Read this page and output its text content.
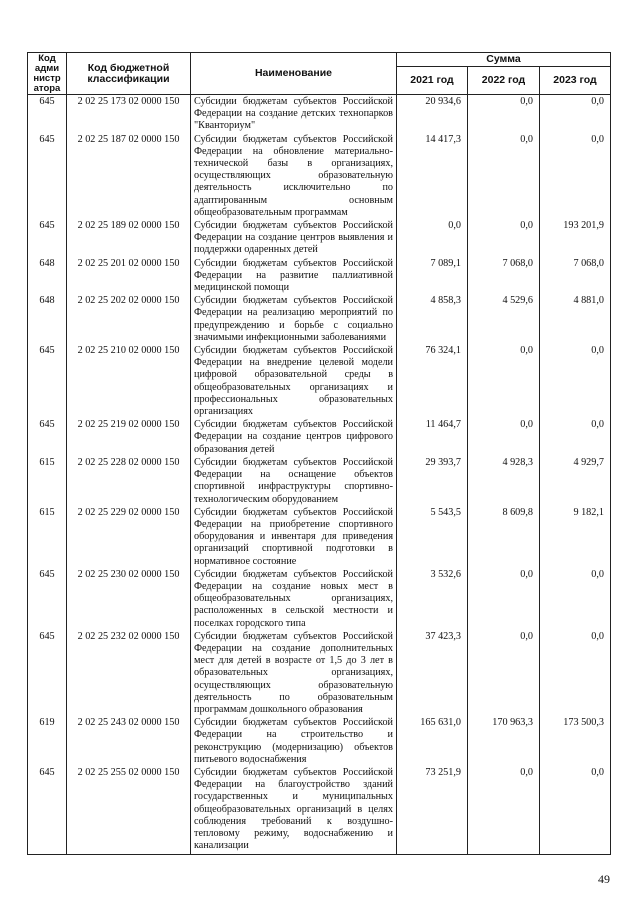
Код адми нистр атора	Код бюджетной классификации	Наименование	Сумма		
			2021 год	2022 год	2023 год
645	2 02 25 173 02 0000 150	Субсидии бюджетам субъектов Российской Федерации на создание детских технопарков "Кванториум"	20 934,6	0,0	0,0
645	2 02 25 187 02 0000 150	Субсидии бюджетам субъектов Российской Федерации на обновление материально-технической базы в организациях, осуществляющих образовательную деятельность исключительно по адаптированным основным общеобразовательным программам	14 417,3	0,0	0,0
645	2 02 25 189 02 0000 150	Субсидии бюджетам субъектов Российской Федерации на создание центров выявления и поддержки одаренных детей	0,0	0,0	193 201,9
648	2 02 25 201 02 0000 150	Субсидии бюджетам субъектов Российской Федерации на развитие паллиативной медицинской помощи	7 089,1	7 068,0	7 068,0
648	2 02 25 202 02 0000 150	Субсидии бюджетам субъектов Российской Федерации на реализацию мероприятий по предупреждению и борьбе с социально значимыми инфекционными заболеваниями	4 858,3	4 529,6	4 881,0
645	2 02 25 210 02 0000 150	Субсидии бюджетам субъектов Российской Федерации на внедрение целевой модели цифровой образовательной среды в общеобразовательных организациях и профессиональных образовательных организациях	76 324,1	0,0	0,0
645	2 02 25 219 02 0000 150	Субсидии бюджетам субъектов Российской Федерации на создание центров цифрового образования детей	11 464,7	0,0	0,0
615	2 02 25 228 02 0000 150	Субсидии бюджетам субъектов Российской Федерации на оснащение объектов спортивной инфраструктуры спортивно-технологическим оборудованием	29 393,7	4 928,3	4 929,7
615	2 02 25 229 02 0000 150	Субсидии бюджетам субъектов Российской Федерации на приобретение спортивного оборудования и инвентаря для приведения организаций спортивной подготовки в нормативное состояние	5 543,5	8 609,8	9 182,1
645	2 02 25 230 02 0000 150	Субсидии бюджетам субъектов Российской Федерации на создание новых мест в общеобразовательных организациях, расположенных в сельской местности и поселках городского типа	3 532,6	0,0	0,0
645	2 02 25 232 02 0000 150	Субсидии бюджетам субъектов Российской Федерации на создание дополнительных мест для детей в возрасте от 1,5 до 3 лет в образовательных организациях, осуществляющих образовательную деятельность по образовательным программам дошкольного образования	37 423,3	0,0	0,0
619	2 02 25 243 02 0000 150	Субсидии бюджетам субъектов Российской Федерации на строительство и реконструкцию (модернизацию) объектов питьевого водоснабжения	165 631,0	170 963,3	173 500,3
645	2 02 25 255 02 0000 150	Субсидии бюджетам субъектов Российской Федерации на благоустройство зданий государственных и муниципальных общеобразовательных организаций в целях соблюдения требований к воздушно-тепловому режиму, водоснабжению и канализации	73 251,9	0,0	0,0
49
